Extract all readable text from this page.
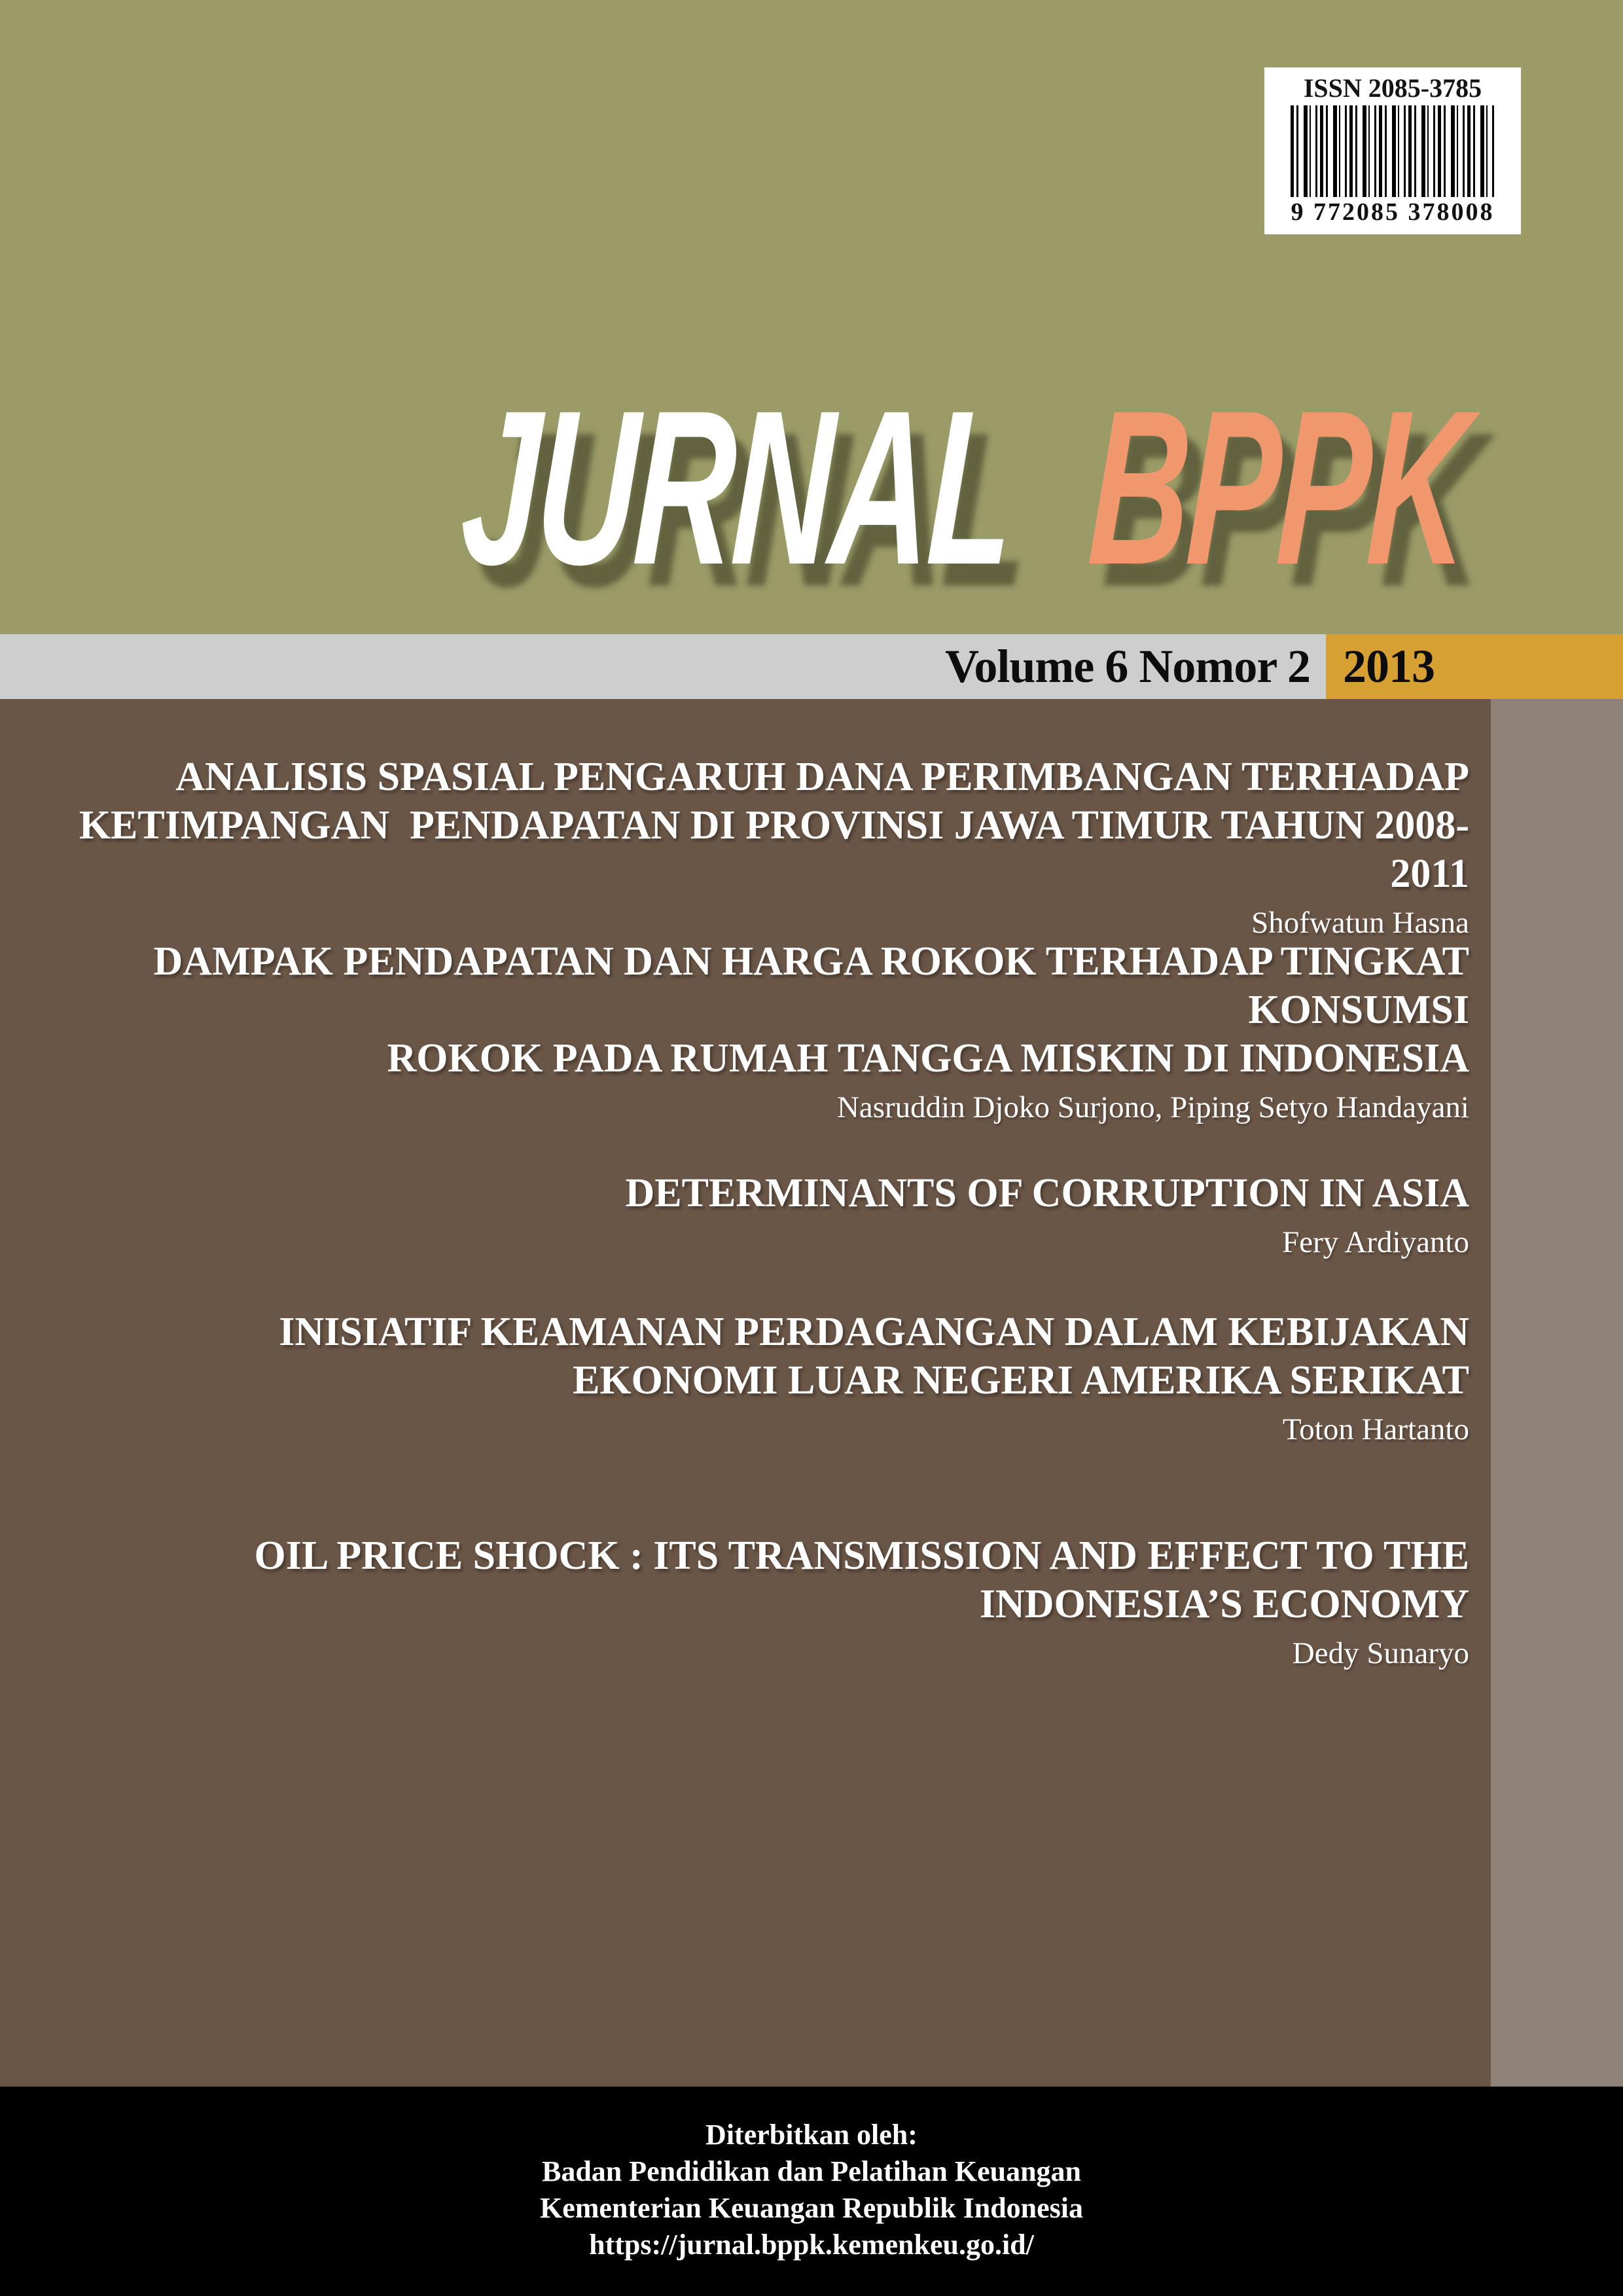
ISSN 2085-3785
9 772085 378008
JURNAL BPPK
Volume 6 Nomor 2 2013
ANALISIS SPASIAL PENGARUH DANA PERIMBANGAN TERHADAP
KETIMPANGAN  PENDAPATAN DI PROVINSI JAWA TIMUR TAHUN 2008-2011
Shofwatun Hasna
DAMPAK PENDAPATAN DAN HARGA ROKOK TERHADAP TINGKAT KONSUMSI
ROKOK PADA RUMAH TANGGA MISKIN DI INDONESIA
Nasruddin Djoko Surjono, Piping Setyo Handayani
DETERMINANTS OF CORRUPTION IN ASIA
Fery Ardiyanto
INISIATIF KEAMANAN PERDAGANGAN DALAM KEBIJAKAN
EKONOMI LUAR NEGERI AMERIKA SERIKAT
Toton Hartanto
OIL PRICE SHOCK : ITS TRANSMISSION AND EFFECT TO THE
INDONESIA’S ECONOMY
Dedy Sunaryo
Diterbitkan oleh:
Badan Pendidikan dan Pelatihan Keuangan
Kementerian Keuangan Republik Indonesia
https://jurnal.bppk.kemenkeu.go.id/
